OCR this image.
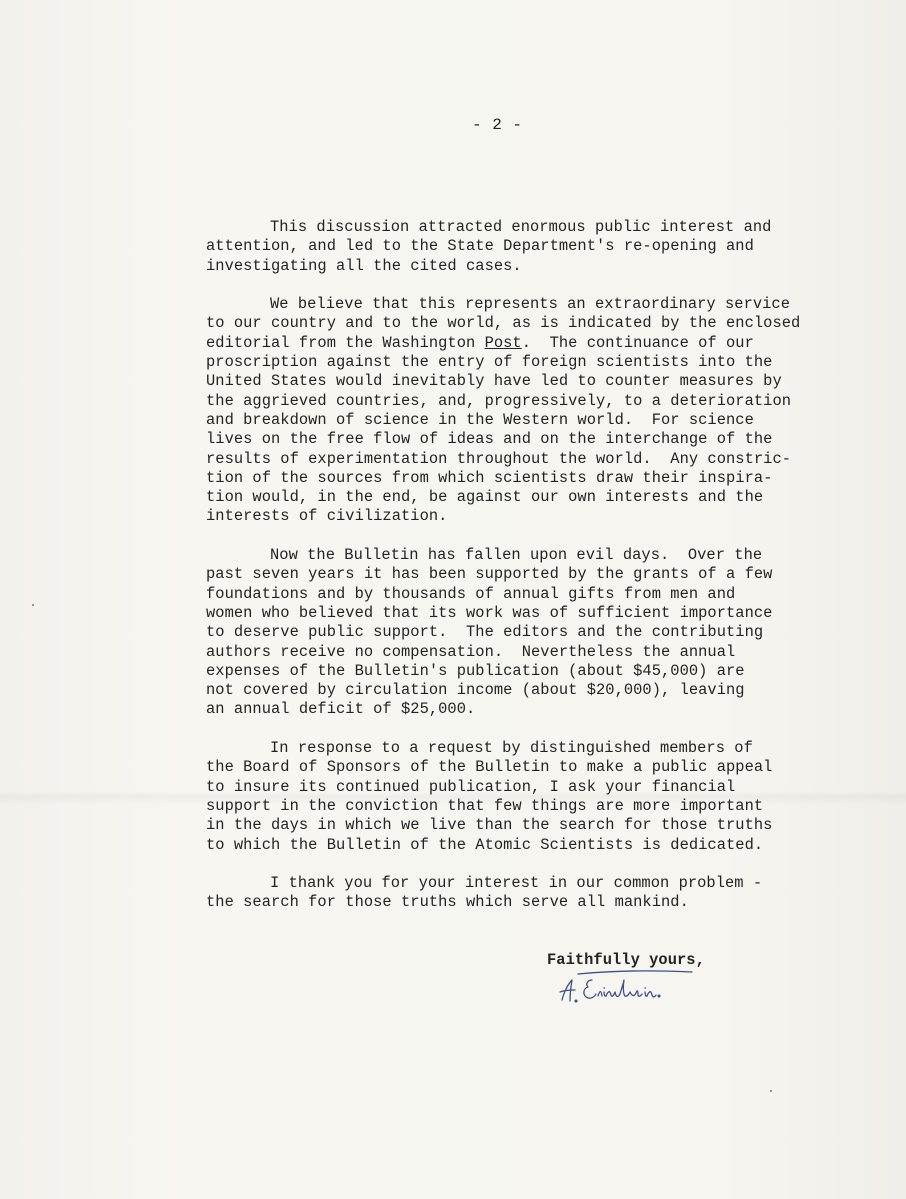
- 2 -
This discussion attracted enormous public interest and
attention, and led to the State Department's re-opening and
investigating all the cited cases.
We believe that this represents an extraordinary service
to our country and to the world, as is indicated by the enclosed
editorial from the Washington Post.  The continuance of our
proscription against the entry of foreign scientists into the
United States would inevitably have led to counter measures by
the aggrieved countries, and, progressively, to a deterioration
and breakdown of science in the Western world.  For science
lives on the free flow of ideas and on the interchange of the
results of experimentation throughout the world.  Any constric-
tion of the sources from which scientists draw their inspira-
tion would, in the end, be against our own interests and the
interests of civilization.
Now the Bulletin has fallen upon evil days.  Over the
past seven years it has been supported by the grants of a few
foundations and by thousands of annual gifts from men and
women who believed that its work was of sufficient importance
to deserve public support.  The editors and the contributing
authors receive no compensation.  Nevertheless the annual
expenses of the Bulletin's publication (about $45,000) are
not covered by circulation income (about $20,000), leaving
an annual deficit of $25,000.
In response to a request by distinguished members of
the Board of Sponsors of the Bulletin to make a public appeal
to insure its continued publication, I ask your financial
support in the conviction that few things are more important
in the days in which we live than the search for those truths
to which the Bulletin of the Atomic Scientists is dedicated.
I thank you for your interest in our common problem -
the search for those truths which serve all mankind.
Faithfully yours,
